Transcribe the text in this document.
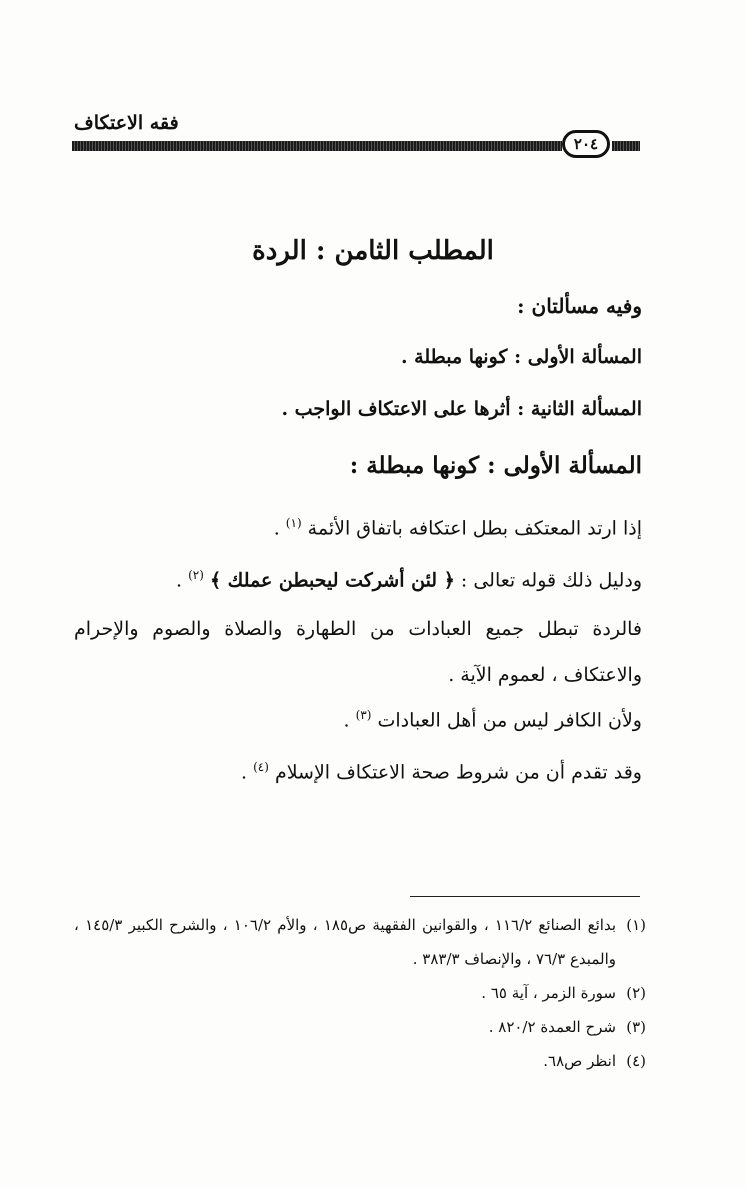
فقه الاعتكاف
٢٠٤
المطلب الثامن : الردة
وفيه مسألتان :
المسألة الأولى : كونها مبطلة .
المسألة الثانية : أثرها على الاعتكاف الواجب .
المسألة الأولى : كونها مبطلة :
إذا ارتد المعتكف بطل اعتكافه باتفاق الأئمة $^{(١)}$ .
ودليل ذلك قوله تعالى : ﴿ لئن أشركت ليحبطن عملك ﴾ $^{(٢)}$ .
فالردة تبطل جميع العبادات من الطهارة والصلاة والصوم والإحرام والاعتكاف ، لعموم الآية .
ولأن الكافر ليس من أهل العبادات $^{(٣)}$ .
وقد تقدم أن من شروط صحة الاعتكاف الإسلام $^{(٤)}$ .
(١)
بدائع الصنائع ١١٦/٢ ، والقوانين الفقهية ص١٨٥ ، والأم ١٠٦/٢ ، والشرح الكبير ١٤٥/٣ ، والمبدع ٧٦/٣ ، والإنصاف ٣٨٣/٣ .
(٢)
سورة الزمر ، آية ٦٥ .
(٣)
شرح العمدة ٨٢٠/٢ .
(٤)
انظر ص٦٨.
